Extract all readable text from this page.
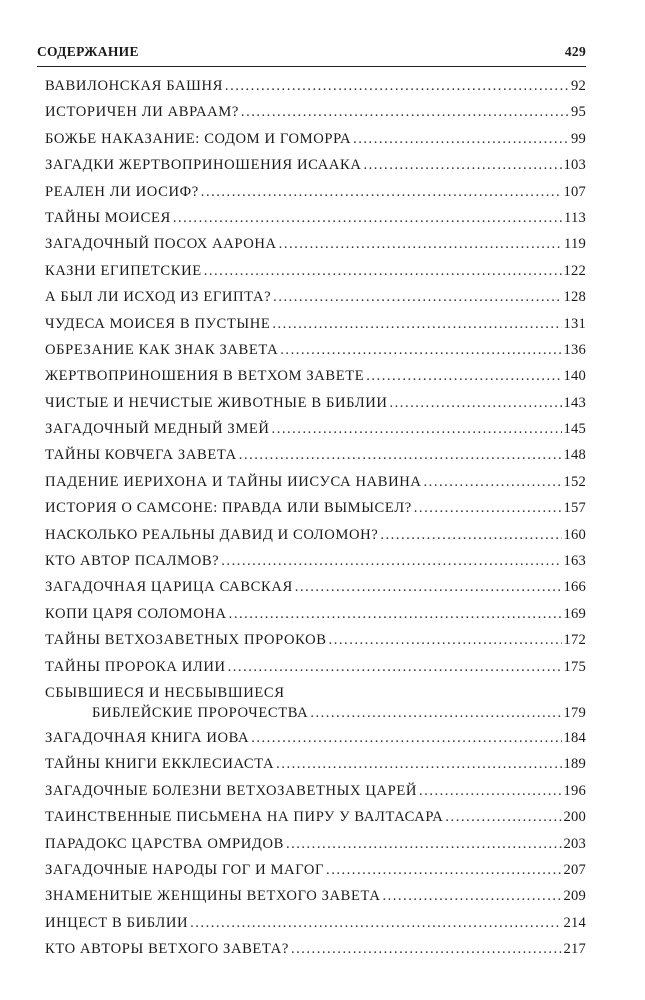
СОДЕРЖАНИЕ	429
ВАВИЛОНСКАЯ БАШНЯ .....	92
ИСТОРИЧЕН ЛИ АВРААМ? .....	95
БОЖЬЕ НАКАЗАНИЕ: СОДОМ И ГОМОРРА .....	99
ЗАГАДКИ ЖЕРТВОПРИНОШЕНИЯ ИСААКА .....	103
РЕАЛЕН ЛИ ИОСИФ? .....	107
ТАЙНЫ МОИСЕЯ .....	113
ЗАГАДОЧНЫЙ ПОСОХ ААРОНА .....	119
КАЗНИ ЕГИПЕТСКИЕ .....	122
А БЫЛ ЛИ ИСХОД ИЗ ЕГИПТА? .....	128
ЧУДЕСА МОИСЕЯ В ПУСТЫНЕ .....	131
ОБРЕЗАНИЕ КАК ЗНАК ЗАВЕТА .....	136
ЖЕРТВОПРИНОШЕНИЯ В ВЕТХОМ ЗАВЕТЕ .....	140
ЧИСТЫЕ И НЕЧИСТЫЕ ЖИВОТНЫЕ В БИБЛИИ .....	143
ЗАГАДОЧНЫЙ МЕДНЫЙ ЗМЕЙ .....	145
ТАЙНЫ КОВЧЕГА ЗАВЕТА .....	148
ПАДЕНИЕ ИЕРИХОНА И ТАЙНЫ ИИСУСА НАВИНА .....	152
ИСТОРИЯ О САМСОНЕ: ПРАВДА ИЛИ ВЫМЫСЕЛ? .....	157
НАСКОЛЬКО РЕАЛЬНЫ ДАВИД И СОЛОМОН? .....	160
КТО АВТОР ПСАЛМОВ? .....	163
ЗАГАДОЧНАЯ ЦАРИЦА САВСКАЯ .....	166
КОПИ ЦАРЯ СОЛОМОНА .....	169
ТАЙНЫ ВЕТХОЗАВЕТНЫХ ПРОРОКОВ .....	172
ТАЙНЫ ПРОРОКА ИЛИИ .....	175
СБЫВШИЕСЯ И НЕСБЫВШИЕСЯ
БИБЛЕЙСКИЕ ПРОРОЧЕСТВА .....	179
ЗАГАДОЧНАЯ КНИГА ИОВА .....	184
ТАЙНЫ КНИГИ ЕККЛЕСИАСТА .....	189
ЗАГАДОЧНЫЕ БОЛЕЗНИ ВЕТХОЗАВЕТНЫХ ЦАРЕЙ .....	196
ТАИНСТВЕННЫЕ ПИСЬМЕНА НА ПИРУ У ВАЛТАСАРА .....	200
ПАРАДОКС ЦАРСТВА ОМРИДОВ .....	203
ЗАГАДОЧНЫЕ НАРОДЫ ГОГ И МАГОГ .....	207
ЗНАМЕНИТЫЕ ЖЕНЩИНЫ ВЕТХОГО ЗАВЕТА .....	209
ИНЦЕСТ В БИБЛИИ .....	214
КТО АВТОРЫ ВЕТХОГО ЗАВЕТА? .....	217
